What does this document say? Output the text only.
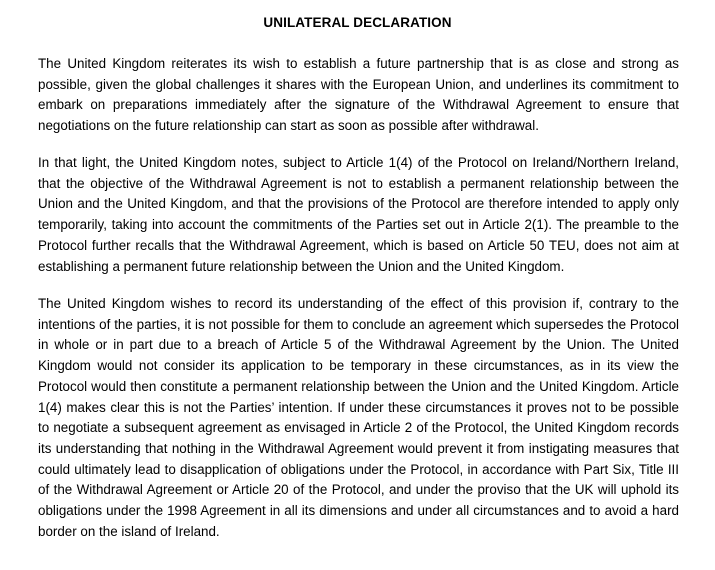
UNILATERAL DECLARATION

The United Kingdom reiterates its wish to establish a future partnership that is as close and strong as possible, given the global challenges it shares with the European Union, and underlines its commitment to embark on preparations immediately after the signature of the Withdrawal Agreement to ensure that negotiations on the future relationship can start as soon as possible after withdrawal.

In that light, the United Kingdom notes, subject to Article 1(4) of the Protocol on Ireland/Northern Ireland, that the objective of the Withdrawal Agreement is not to establish a permanent relationship between the Union and the United Kingdom, and that the provisions of the Protocol are therefore intended to apply only temporarily, taking into account the commitments of the Parties set out in Article 2(1). The preamble to the Protocol further recalls that the Withdrawal Agreement, which is based on Article 50 TEU, does not aim at establishing a permanent future relationship between the Union and the United Kingdom.

The United Kingdom wishes to record its understanding of the effect of this provision if, contrary to the intentions of the parties, it is not possible for them to conclude an agreement which supersedes the Protocol in whole or in part due to a breach of Article 5 of the Withdrawal Agreement by the Union. The United Kingdom would not consider its application to be temporary in these circumstances, as in its view the Protocol would then constitute a permanent relationship between the Union and the United Kingdom. Article 1(4) makes clear this is not the Parties’ intention. If under these circumstances it proves not to be possible to negotiate a subsequent agreement as envisaged in Article 2 of the Protocol, the United Kingdom records its understanding that nothing in the Withdrawal Agreement would prevent it from instigating measures that could ultimately lead to disapplication of obligations under the Protocol, in accordance with Part Six, Title III of the Withdrawal Agreement or Article 20 of the Protocol, and under the proviso that the UK will uphold its obligations under the 1998 Agreement in all its dimensions and under all circumstances and to avoid a hard border on the island of Ireland.
